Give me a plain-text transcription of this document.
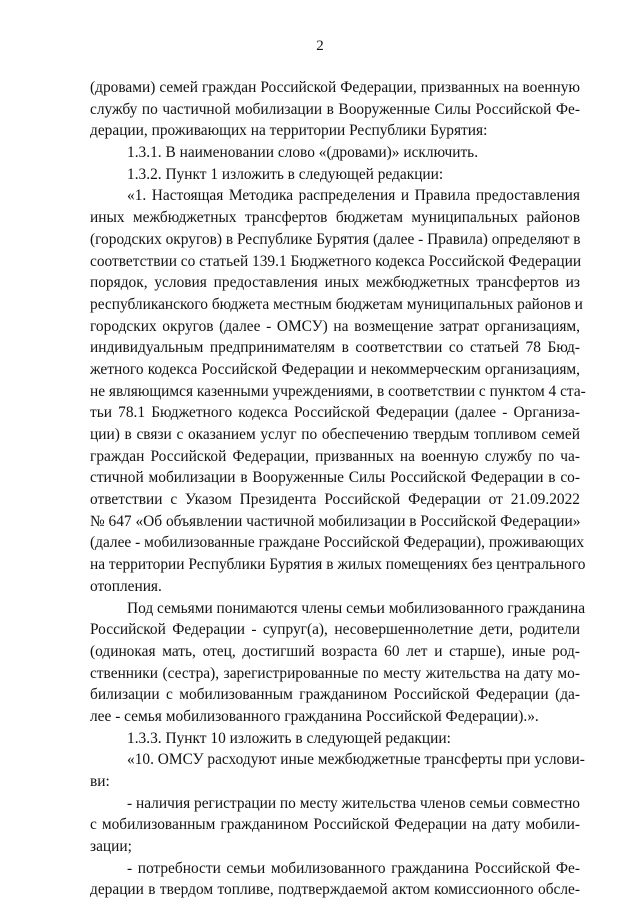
2
(дровами) семей граждан Российской Федерации, призванных на военную
службу по частичной мобилизации в Вооруженные Силы Российской Фе-
дерации, проживающих на территории Республики Бурятия:
1.3.1. В наименовании слово «(дровами)» исключить.
1.3.2. Пункт 1 изложить в следующей редакции:
«1. Настоящая Методика распределения и Правила предоставления
иных межбюджетных трансфертов бюджетам муниципальных районов
(городских округов) в Республике Бурятия (далее - Правила) определяют в
соответствии со статьей 139.1 Бюджетного кодекса Российской Федерации
порядок, условия предоставления иных межбюджетных трансфертов из
республиканского бюджета местным бюджетам муниципальных районов и
городских округов (далее - ОМСУ) на возмещение затрат организациям,
индивидуальным предпринимателям в соответствии со статьей 78 Бюд-
жетного кодекса Российской Федерации и некоммерческим организациям,
не являющимся казенными учреждениями, в соответствии с пунктом 4 ста-
тьи 78.1 Бюджетного кодекса Российской Федерации (далее - Организа-
ции) в связи с оказанием услуг по обеспечению твердым топливом семей
граждан Российской Федерации, призванных на военную службу по ча-
стичной мобилизации в Вооруженные Силы Российской Федерации в со-
ответствии с Указом Президента Российской Федерации от 21.09.2022
№ 647 «Об объявлении частичной мобилизации в Российской Федерации»
(далее - мобилизованные граждане Российской Федерации), проживающих
на территории Республики Бурятия в жилых помещениях без центрального
отопления.
Под семьями понимаются члены семьи мобилизованного гражданина
Российской Федерации - супруг(а), несовершеннолетние дети, родители
(одинокая мать, отец, достигший возраста 60 лет и старше), иные род-
ственники (сестра), зарегистрированные по месту жительства на дату мо-
билизации с мобилизованным гражданином Российской Федерации (да-
лее - семья мобилизованного гражданина Российской Федерации).».
1.3.3. Пункт 10 изложить в следующей редакции:
«10. ОМСУ расходуют иные межбюджетные трансферты при услови-
ви:
- наличия регистрации по месту жительства членов семьи совместно
с мобилизованным гражданином Российской Федерации на дату мобили-
зации;
- потребности семьи мобилизованного гражданина Российской Фе-
дерации в твердом топливе, подтверждаемой актом комиссионного обсле-
